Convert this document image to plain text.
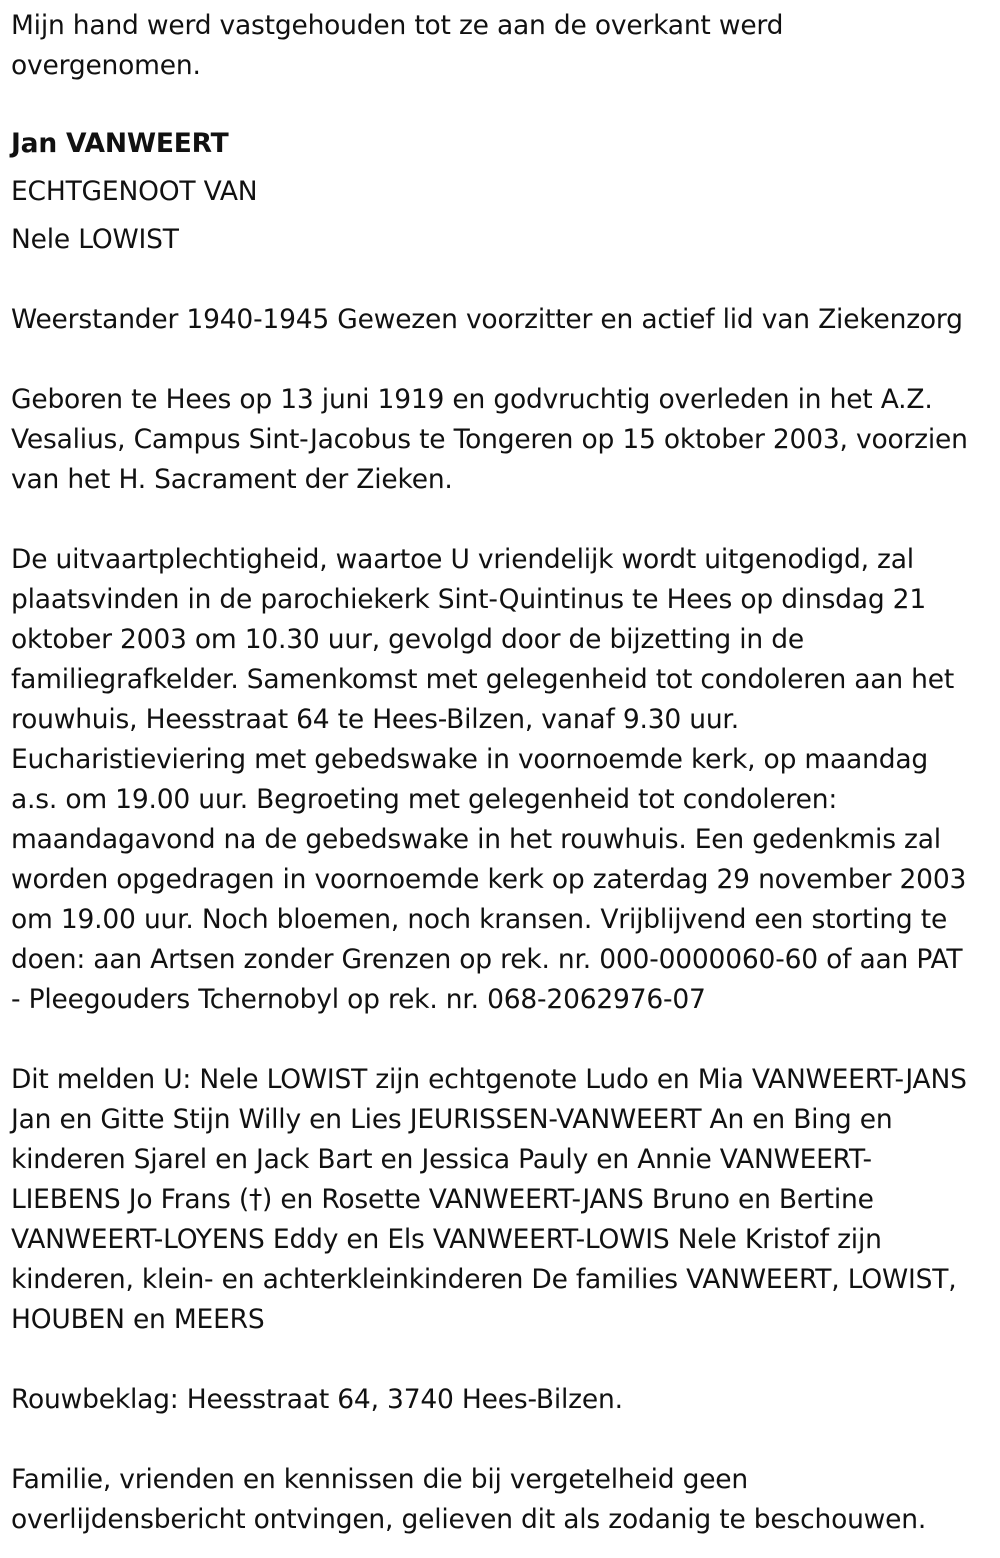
Mijn hand werd vastgehouden tot ze aan de overkant werd
overgenomen.

Jan VANWEERT

ECHTGENOOT VAN

Nele LOWIST

Weerstander 1940-1945 Gewezen voorzitter en actief lid van Ziekenzorg

Geboren te Hees op 13 juni 1919 en godvruchtig overleden in het A.Z.
Vesalius, Campus Sint-Jacobus te Tongeren op 15 oktober 2003, voorzien
van het H. Sacrament der Zieken.

De uitvaartplechtigheid, waartoe U vriendelijk wordt uitgenodigd, zal
plaatsvinden in de parochiekerk Sint-Quintinus te Hees op dinsdag 21
oktober 2003 om 10.30 uur, gevolgd door de bijzetting in de
familiegrafkelder. Samenkomst met gelegenheid tot condoleren aan het
rouwhuis, Heesstraat 64 te Hees-Bilzen, vanaf 9.30 uur.
Eucharistieviering met gebedswake in voornoemde kerk, op maandag
a.s. om 19.00 uur. Begroeting met gelegenheid tot condoleren:
maandagavond na de gebedswake in het rouwhuis. Een gedenkmis zal
worden opgedragen in voornoemde kerk op zaterdag 29 november 2003
om 19.00 uur. Noch bloemen, noch kransen. Vrijblijvend een storting te
doen: aan Artsen zonder Grenzen op rek. nr. 000-0000060-60 of aan PAT
- Pleegouders Tchernobyl op rek. nr. 068-2062976-07

Dit melden U: Nele LOWIST zijn echtgenote Ludo en Mia VANWEERT-JANS
Jan en Gitte Stijn Willy en Lies JEURISSEN-VANWEERT An en Bing en
kinderen Sjarel en Jack Bart en Jessica Pauly en Annie VANWEERT-
LIEBENS Jo Frans (†) en Rosette VANWEERT-JANS Bruno en Bertine
VANWEERT-LOYENS Eddy en Els VANWEERT-LOWIS Nele Kristof zijn
kinderen, klein- en achterkleinkinderen De families VANWEERT, LOWIST,
HOUBEN en MEERS

Rouwbeklag: Heesstraat 64, 3740 Hees-Bilzen.

Familie, vrienden en kennissen die bij vergetelheid geen
overlijdensbericht ontvingen, gelieven dit als zodanig te beschouwen.
